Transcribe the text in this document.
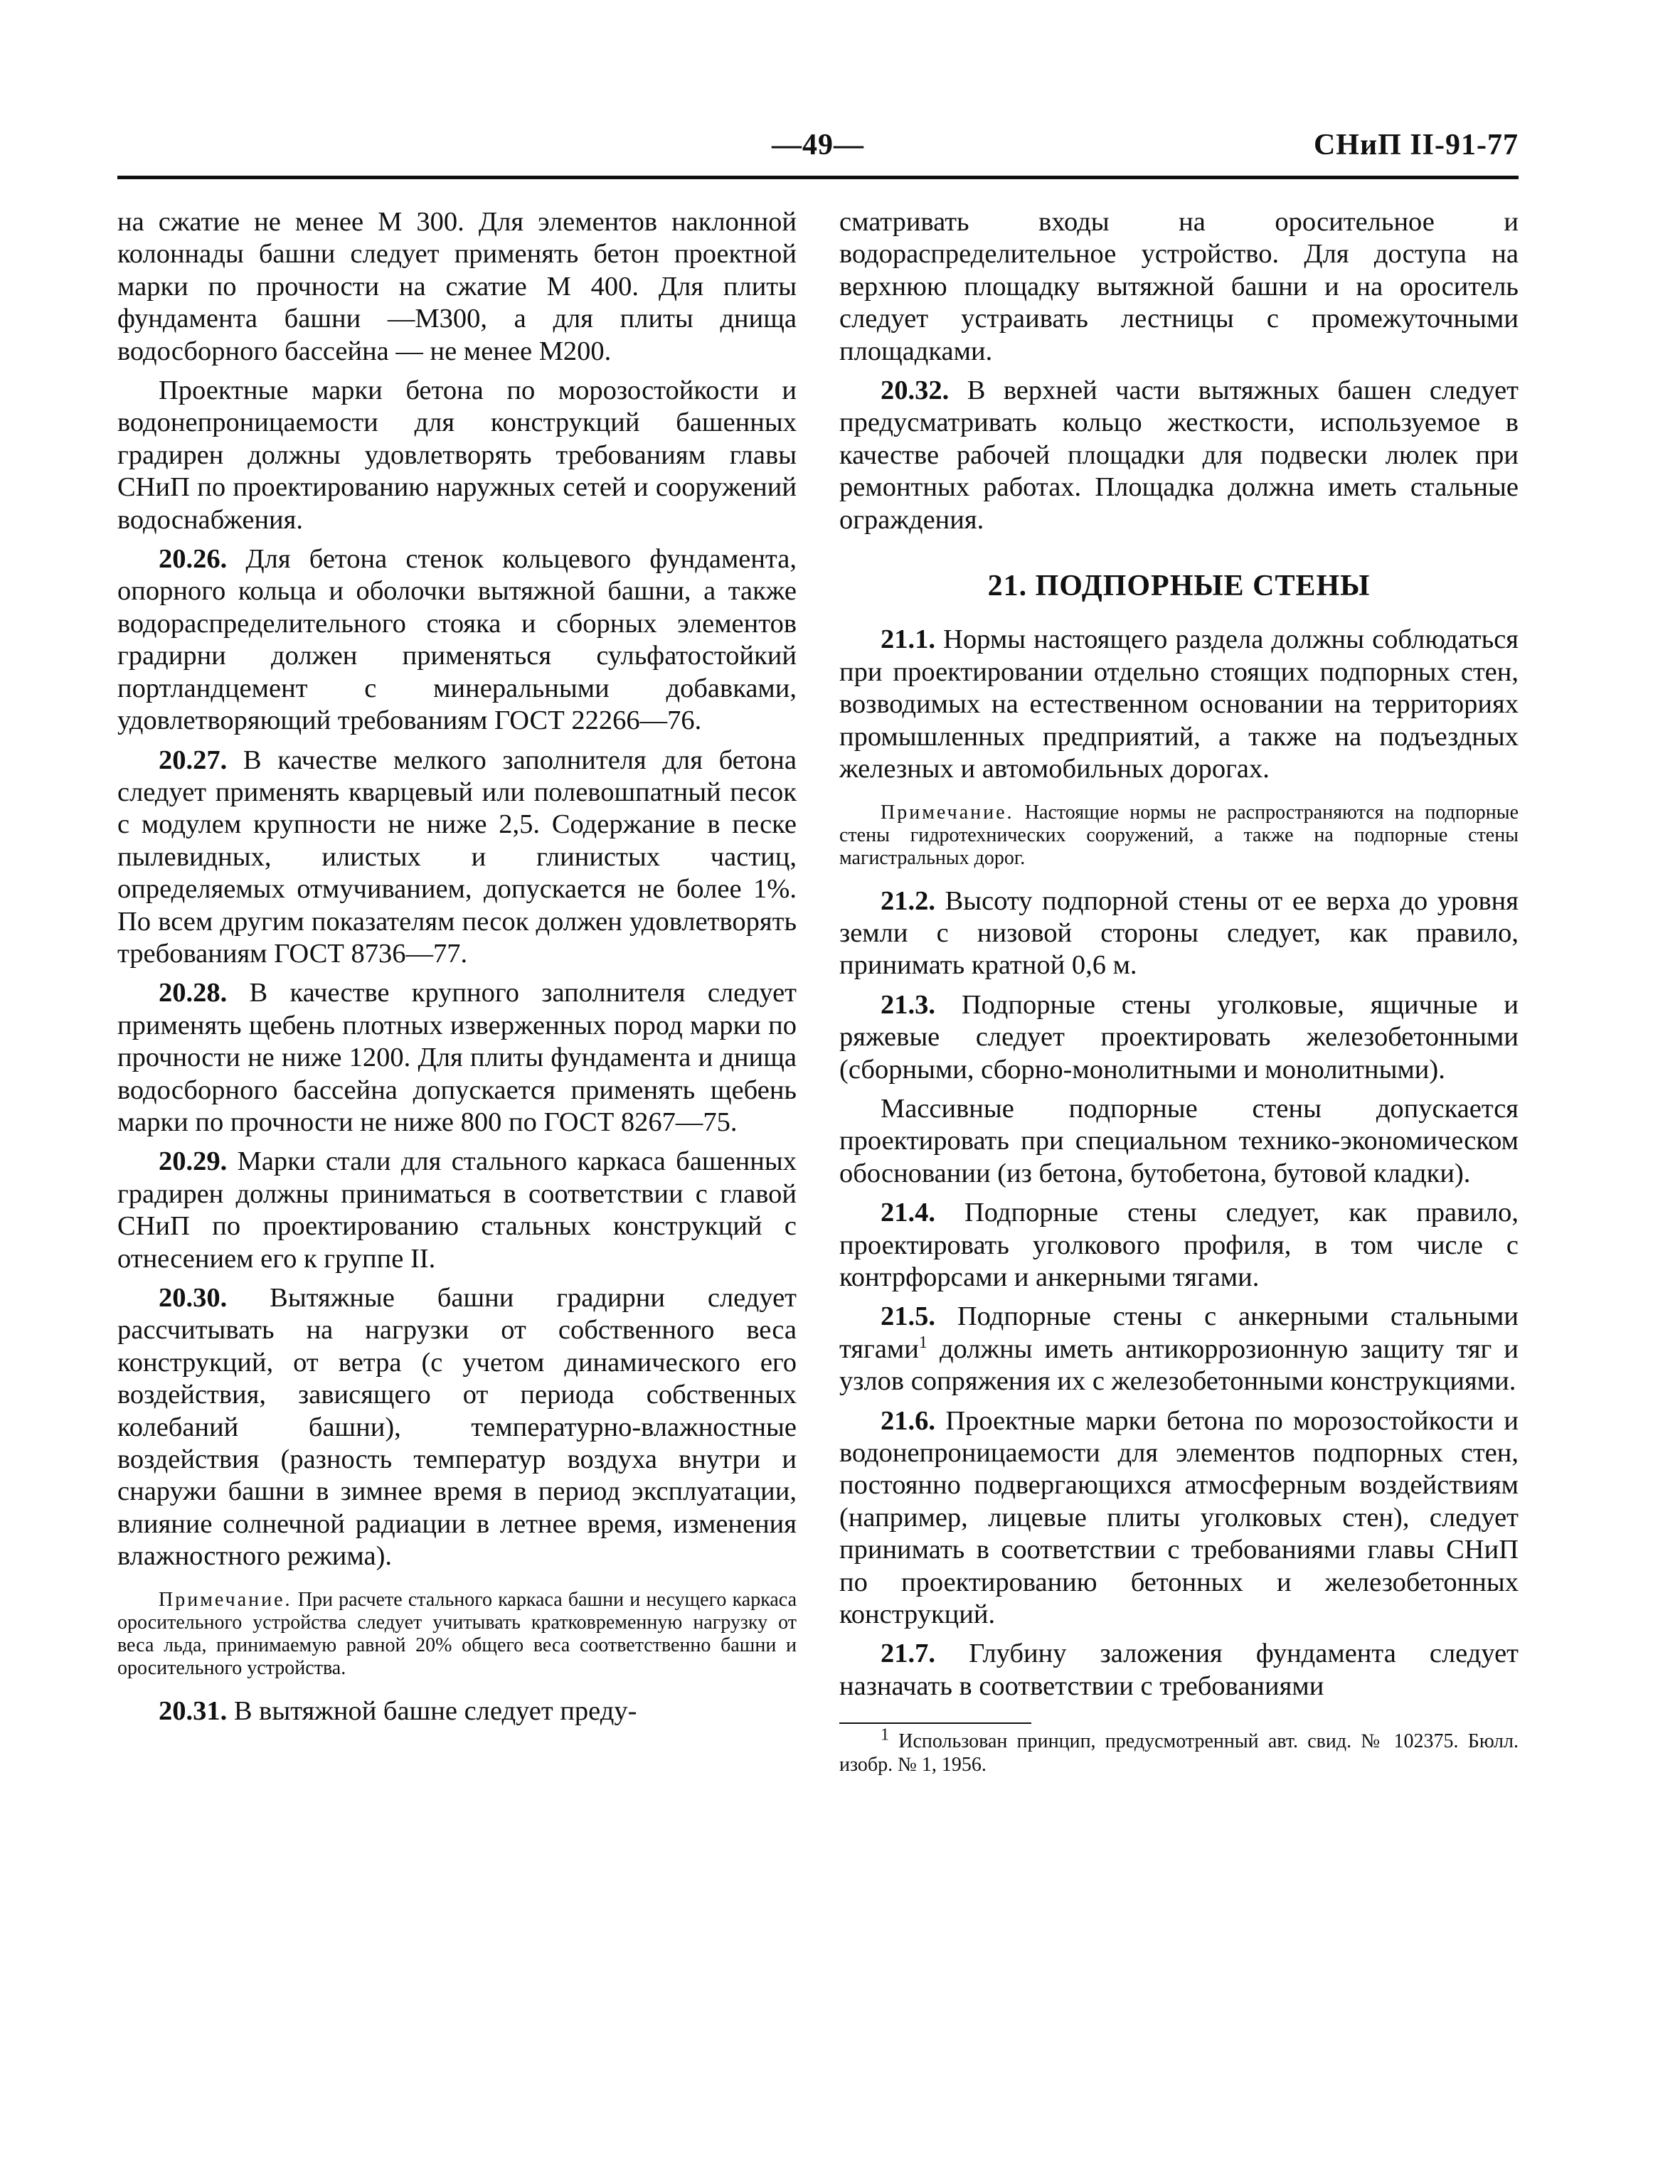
—49—	СНиП II-91-77

на сжатие не менее М 300. Для элементов наклонной колоннады башни следует применять бетон проектной марки по прочности на сжатие М 400. Для плиты фундамента башни —М300, а для плиты днища водосборного бассейна — не менее М200.

Проектные марки бетона по морозостойкости и водонепроницаемости для конструкций башенных градирен должны удовлетворять требованиям главы СНиП по проектированию наружных сетей и сооружений водоснабжения.

20.26. Для бетона стенок кольцевого фундамента, опорного кольца и оболочки вытяжной башни, а также водораспределительного стояка и сборных элементов градирни должен применяться сульфатостойкий портландцемент с минеральными добавками, удовлетворяющий требованиям ГОСТ 22266—76.

20.27. В качестве мелкого заполнителя для бетона следует применять кварцевый или полевошпатный песок с модулем крупности не ниже 2,5. Содержание в песке пылевидных, илистых и глинистых частиц, определяемых отмучиванием, допускается не более 1%. По всем другим показателям песок должен удовлетворять требованиям ГОСТ 8736—77.

20.28. В качестве крупного заполнителя следует применять щебень плотных изверженных пород марки по прочности не ниже 1200. Для плиты фундамента и днища водосборного бассейна допускается применять щебень марки по прочности не ниже 800 по ГОСТ 8267—75.

20.29. Марки стали для стального каркаса башенных градирен должны приниматься в соответствии с главой СНиП по проектированию стальных конструкций с отнесением его к группе II.

20.30. Вытяжные башни градирни следует рассчитывать на нагрузки от собственного веса конструкций, от ветра (с учетом динамического его воздействия, зависящего от периода собственных колебаний башни), температурно-влажностные воздействия (разность температур воздуха внутри и снаружи башни в зимнее время в период эксплуатации, влияние солнечной радиации в летнее время, изменения влажностного режима).

Примечание. При расчете стального каркаса башни и несущего каркаса оросительного устройства следует учитывать кратковременную нагрузку от веса льда, принимаемую равной 20% общего веса соответственно башни и оросительного устройства.

20.31. В вытяжной башне следует преду-

сматривать входы на оросительное и водораспределительное устройство. Для доступа на верхнюю площадку вытяжной башни и на ороситель следует устраивать лестницы с промежуточными площадками.

20.32. В верхней части вытяжных башен следует предусматривать кольцо жесткости, используемое в качестве рабочей площадки для подвески люлек при ремонтных работах. Площадка должна иметь стальные ограждения.

21. ПОДПОРНЫЕ СТЕНЫ

21.1. Нормы настоящего раздела должны соблюдаться при проектировании отдельно стоящих подпорных стен, возводимых на естественном основании на территориях промышленных предприятий, а также на подъездных железных и автомобильных дорогах.

Примечание. Настоящие нормы не распространяются на подпорные стены гидротехнических сооружений, а также на подпорные стены магистральных дорог.

21.2. Высоту подпорной стены от ее верха до уровня земли с низовой стороны следует, как правило, принимать кратной 0,6 м.

21.3. Подпорные стены уголковые, ящичные и ряжевые следует проектировать железобетонными (сборными, сборно-монолитными и монолитными).

Массивные подпорные стены допускается проектировать при специальном технико-экономическом обосновании (из бетона, бутобетона, бутовой кладки).

21.4. Подпорные стены следует, как правило, проектировать уголкового профиля, в том числе с контрфорсами и анкерными тягами.

21.5. Подпорные стены с анкерными стальными тягами$^1$ должны иметь антикоррозионную защиту тяг и узлов сопряжения их с железобетонными конструкциями.

21.6. Проектные марки бетона по морозостойкости и водонепроницаемости для элементов подпорных стен, постоянно подвергающихся атмосферным воздействиям (например, лицевые плиты уголковых стен), следует принимать в соответствии с требованиями главы СНиП по проектированию бетонных и железобетонных конструкций.

21.7. Глубину заложения фундамента следует назначать в соответствии с требованиями

$^1$ Использован принцип, предусмотренный авт. свид. № 102375. Бюлл. изобр. № 1, 1956.
